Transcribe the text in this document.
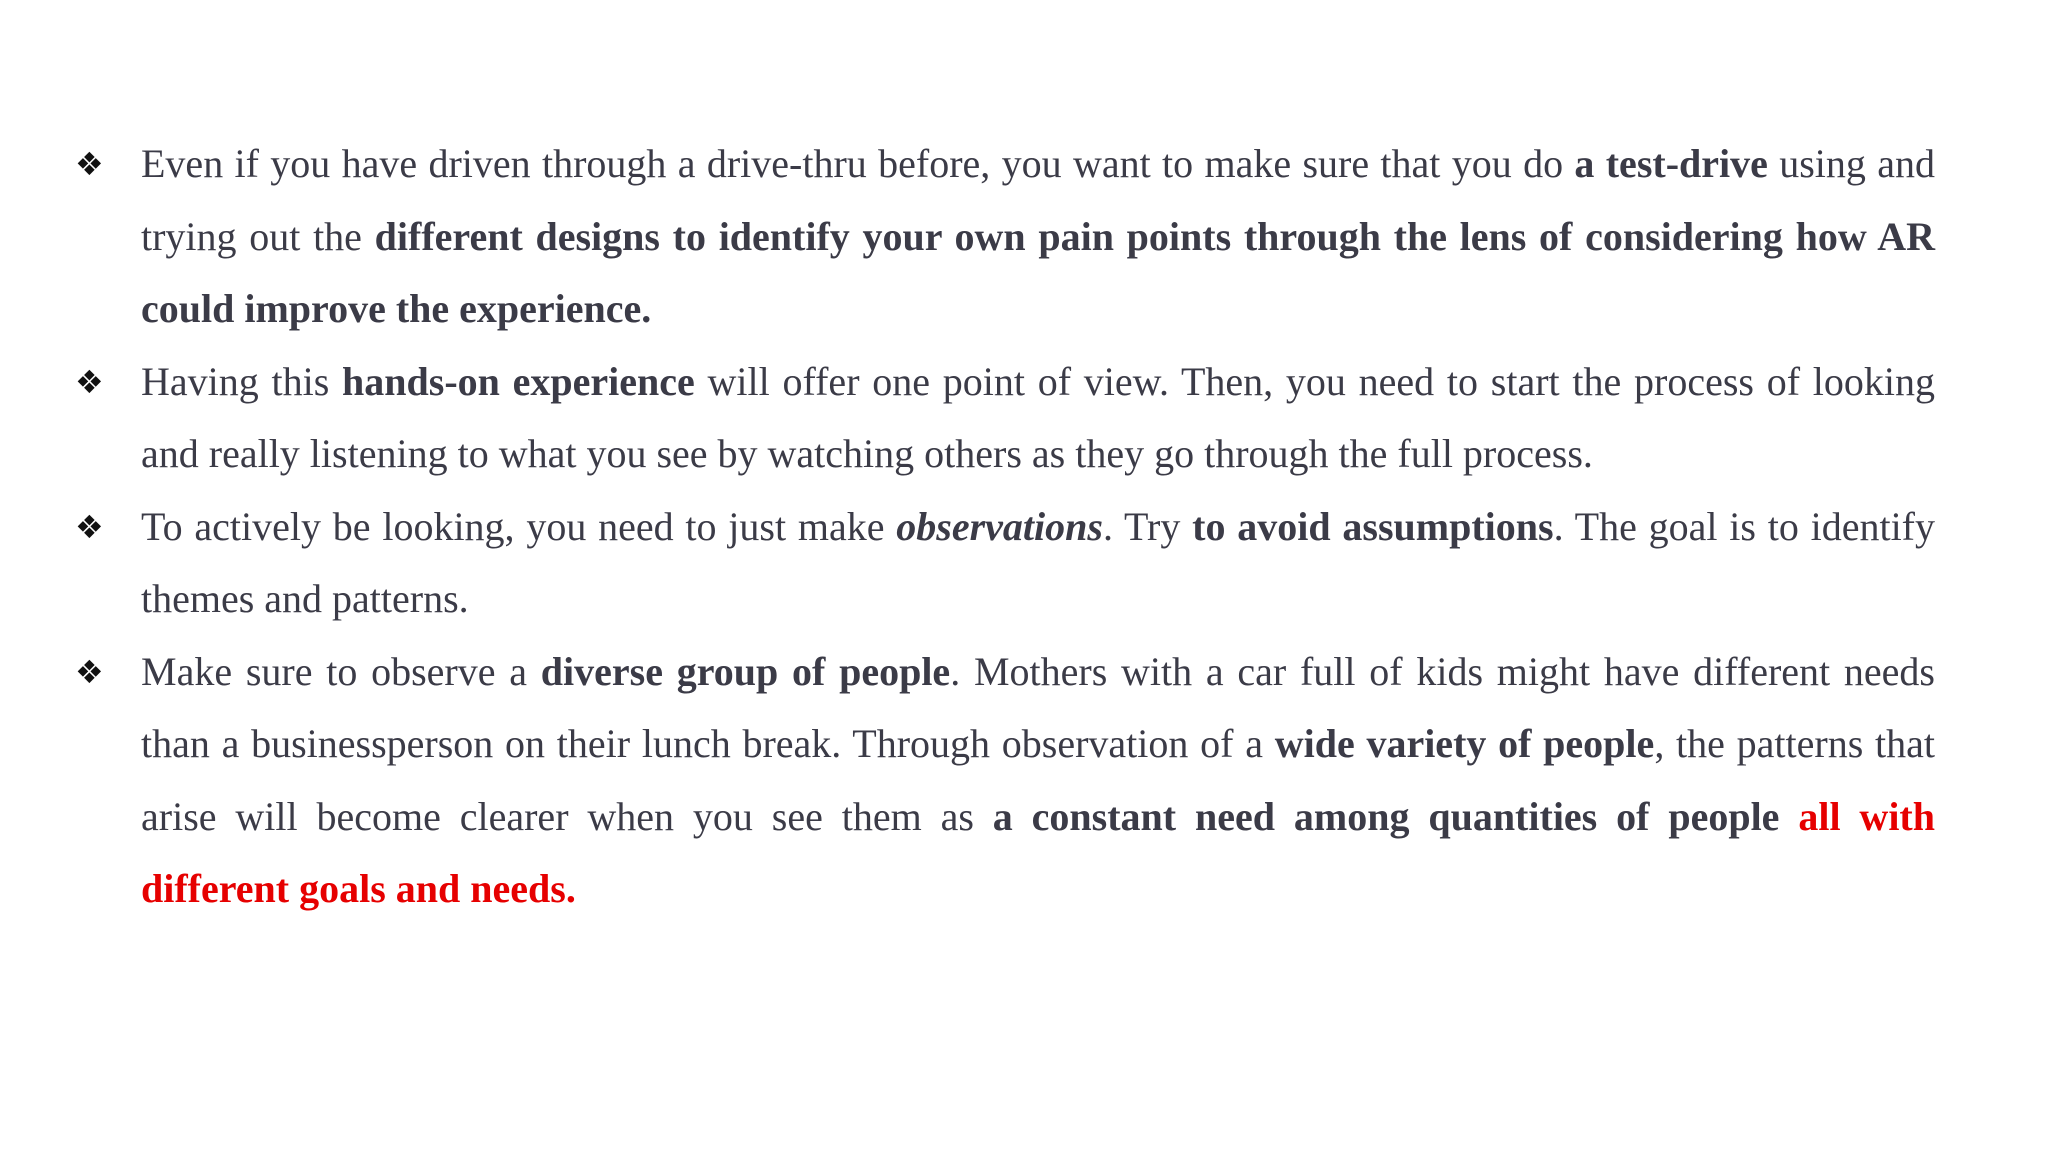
❖ Even if you have driven through a drive-thru before, you want to make sure that you do a test-drive using and trying out the different designs to identify your own pain points through the lens of considering how AR could improve the experience.
❖ Having this hands-on experience will offer one point of view. Then, you need to start the process of looking and really listening to what you see by watching others as they go through the full process.
❖ To actively be looking, you need to just make observations. Try to avoid assumptions. The goal is to identify themes and patterns.
❖ Make sure to observe a diverse group of people. Mothers with a car full of kids might have different needs than a businessperson on their lunch break. Through observation of a wide variety of people, the patterns that arise will become clearer when you see them as a constant need among quantities of people all with different goals and needs.
